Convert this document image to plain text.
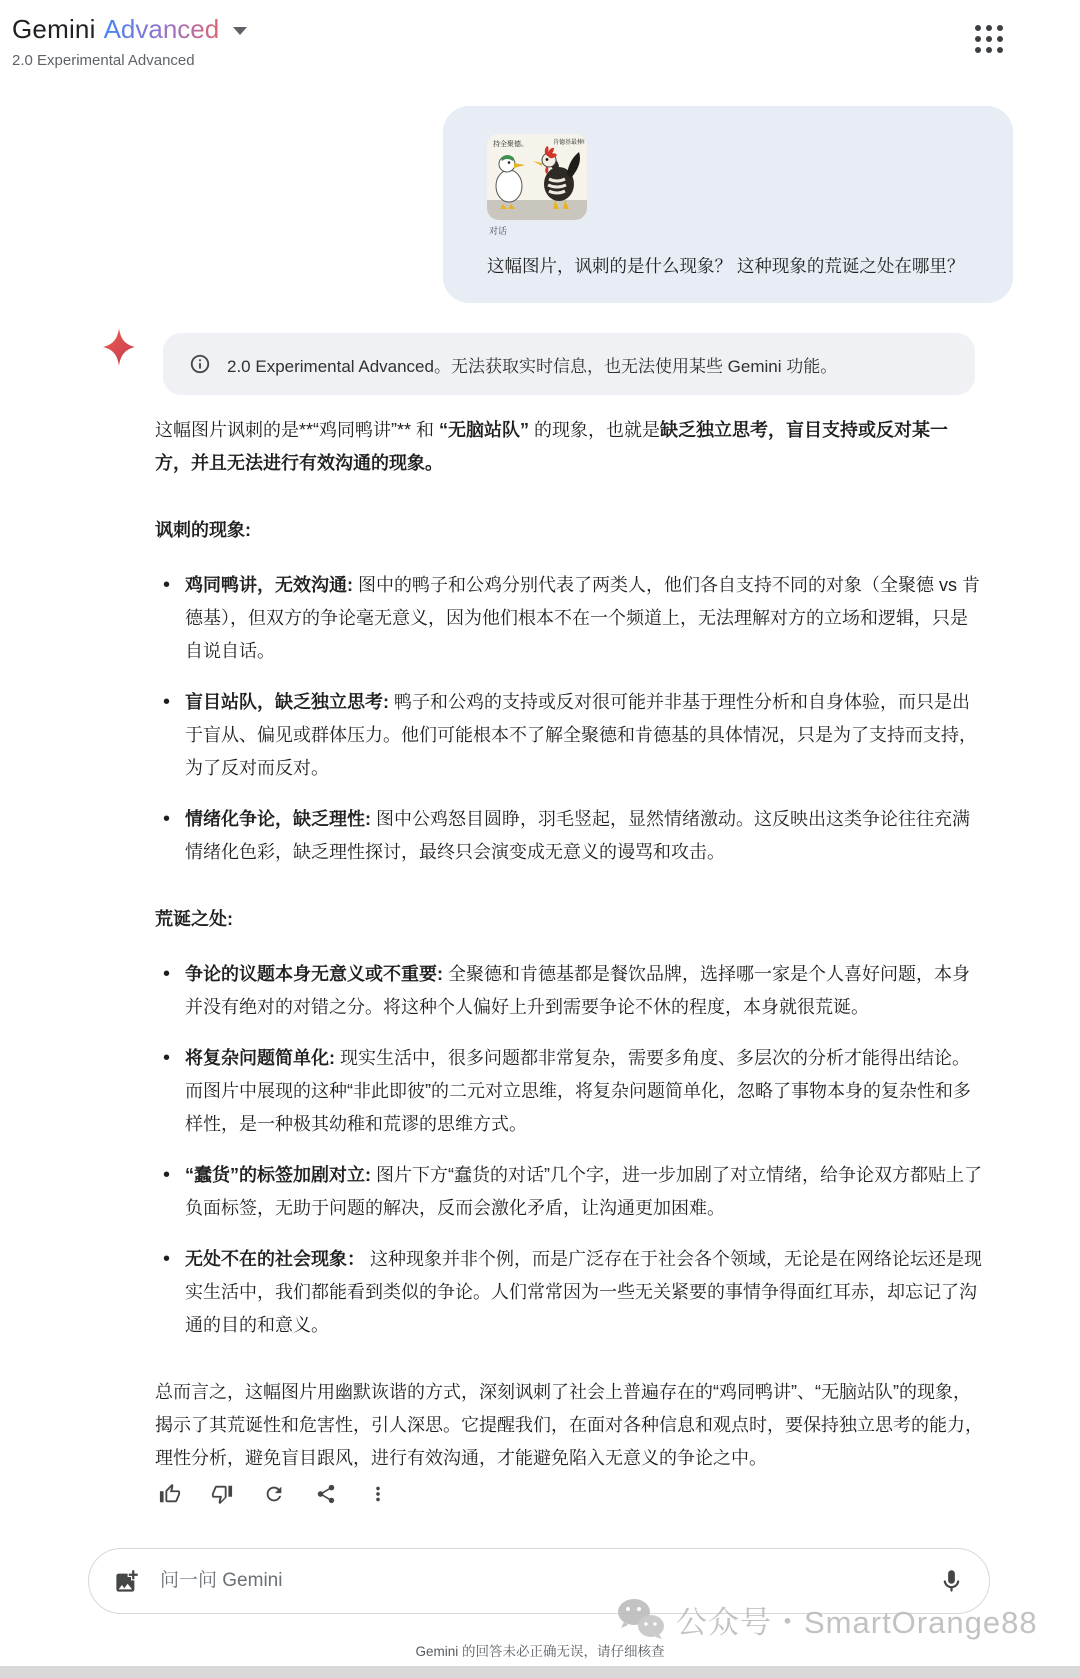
Gemini Advanced
2.0 Experimental Advanced
持全聚德。	肯德基最棒!
对话
这幅图片，讽刺的是什么现象？ 这种现象的荒诞之处在哪里？
2.0 Experimental Advanced。无法获取实时信息，也无法使用某些 Gemini 功能。

这幅图片讽刺的是**“鸡同鸭讲”** 和 “无脑站队” 的现象，也就是缺乏独立思考，盲目支持或反对某一方，并且无法进行有效沟通的现象。

讽刺的现象:
• 鸡同鸭讲，无效沟通: 图中的鸭子和公鸡分别代表了两类人，他们各自支持不同的对象（全聚德 vs 肯德基），但双方的争论毫无意义，因为他们根本不在一个频道上，无法理解对方的立场和逻辑，只是自说自话。
• 盲目站队，缺乏独立思考: 鸭子和公鸡的支持或反对很可能并非基于理性分析和自身体验，而只是出于盲从、偏见或群体压力。他们可能根本不了解全聚德和肯德基的具体情况，只是为了支持而支持，为了反对而反对。
• 情绪化争论，缺乏理性: 图中公鸡怒目圆睁，羽毛竖起，显然情绪激动。这反映出这类争论往往充满情绪化色彩，缺乏理性探讨，最终只会演变成无意义的谩骂和攻击。
荒诞之处:
• 争论的议题本身无意义或不重要: 全聚德和肯德基都是餐饮品牌，选择哪一家是个人喜好问题，本身并没有绝对的对错之分。将这种个人偏好上升到需要争论不休的程度，本身就很荒诞。
• 将复杂问题简单化: 现实生活中，很多问题都非常复杂，需要多角度、多层次的分析才能得出结论。而图片中展现的这种“非此即彼”的二元对立思维，将复杂问题简单化，忽略了事物本身的复杂性和多样性，是一种极其幼稚和荒谬的思维方式。
• “蠢货”的标签加剧对立: 图片下方“蠢货的对话”几个字，进一步加剧了对立情绪，给争论双方都贴上了负面标签，无助于问题的解决，反而会激化矛盾，让沟通更加困难。
• 无处不在的社会现象： 这种现象并非个例，而是广泛存在于社会各个领域，无论是在网络论坛还是现实生活中，我们都能看到类似的争论。人们常常因为一些无关紧要的事情争得面红耳赤，却忘记了沟通的目的和意义。

总而言之，这幅图片用幽默诙谐的方式，深刻讽刺了社会上普遍存在的“鸡同鸭讲”、“无脑站队”的现象，揭示了其荒诞性和危害性，引人深思。它提醒我们，在面对各种信息和观点时，要保持独立思考的能力，理性分析，避免盲目跟风，进行有效沟通，才能避免陷入无意义的争论之中。

问一问 Gemini
公众号・SmartOrange88
Gemini 的回答未必正确无误，请仔细核查
